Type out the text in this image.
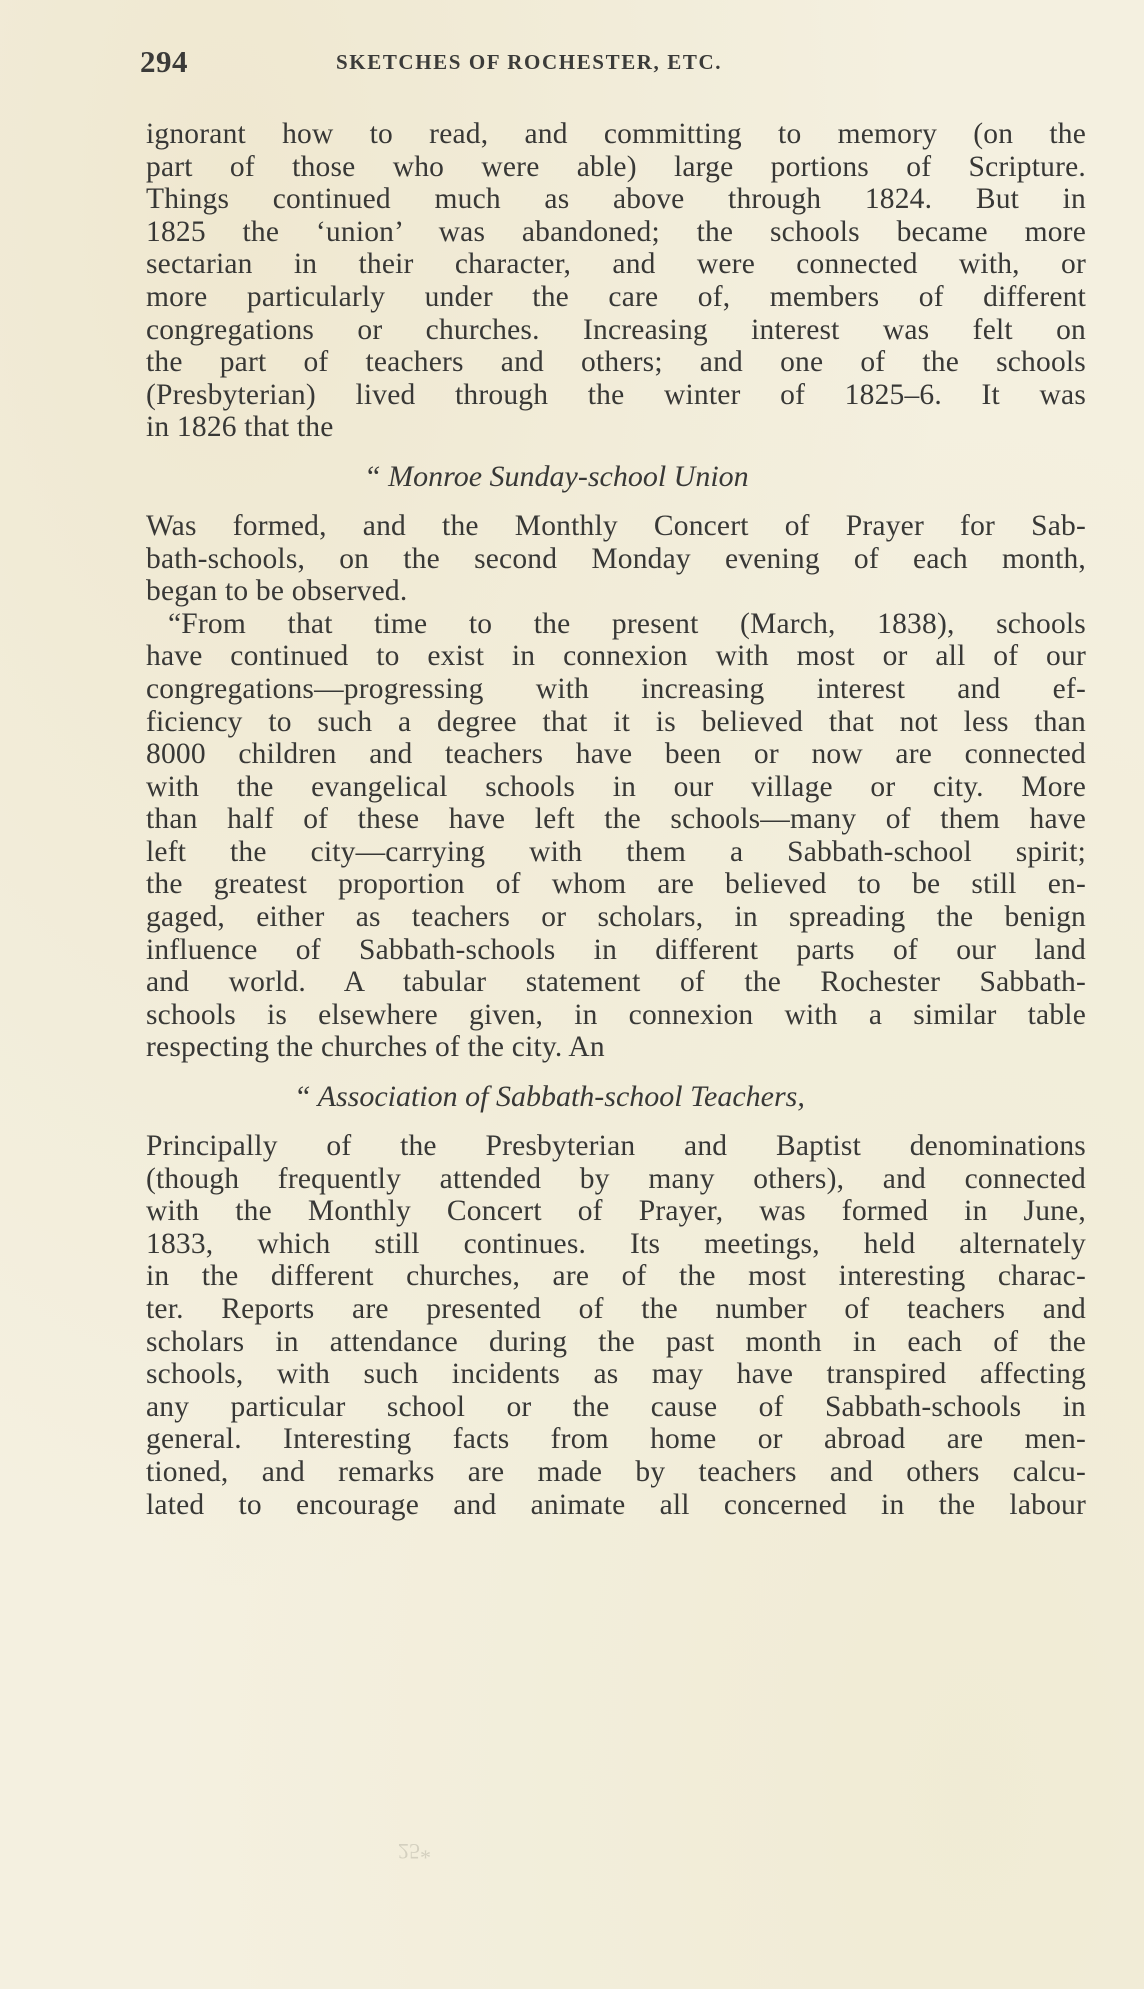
294	SKETCHES OF ROCHESTER, ETC.
ignorant how to read, and committing to memory (on the
part of those who were able) large portions of Scripture.
Things continued much as above through 1824. But in
1825 the ‘union’ was abandoned; the schools became more
sectarian in their character, and were connected with, or
more particularly under the care of, members of different
congregations or churches. Increasing interest was felt on
the part of teachers and others; and one of the schools
(Presbyterian) lived through the winter of 1825–6. It was
in 1826 that the
“ Monroe Sunday-school Union
Was formed, and the Monthly Concert of Prayer for Sab-
bath-schools, on the second Monday evening of each month,
began to be observed.
“From that time to the present (March, 1838), schools
have continued to exist in connexion with most or all of our
congregations—progressing with increasing interest and ef-
ficiency to such a degree that it is believed that not less than
8000 children and teachers have been or now are connected
with the evangelical schools in our village or city. More
than half of these have left the schools—many of them have
left the city—carrying with them a Sabbath-school spirit;
the greatest proportion of whom are believed to be still en-
gaged, either as teachers or scholars, in spreading the benign
influence of Sabbath-schools in different parts of our land
and world. A tabular statement of the Rochester Sabbath-
schools is elsewhere given, in connexion with a similar table
respecting the churches of the city. An
“ Association of Sabbath-school Teachers,
Principally of the Presbyterian and Baptist denominations
(though frequently attended by many others), and connected
with the Monthly Concert of Prayer, was formed in June,
1833, which still continues. Its meetings, held alternately
in the different churches, are of the most interesting charac-
ter. Reports are presented of the number of teachers and
scholars in attendance during the past month in each of the
schools, with such incidents as may have transpired affecting
any particular school or the cause of Sabbath-schools in
general. Interesting facts from home or abroad are men-
tioned, and remarks are made by teachers and others calcu-
lated to encourage and animate all concerned in the labour
25*
